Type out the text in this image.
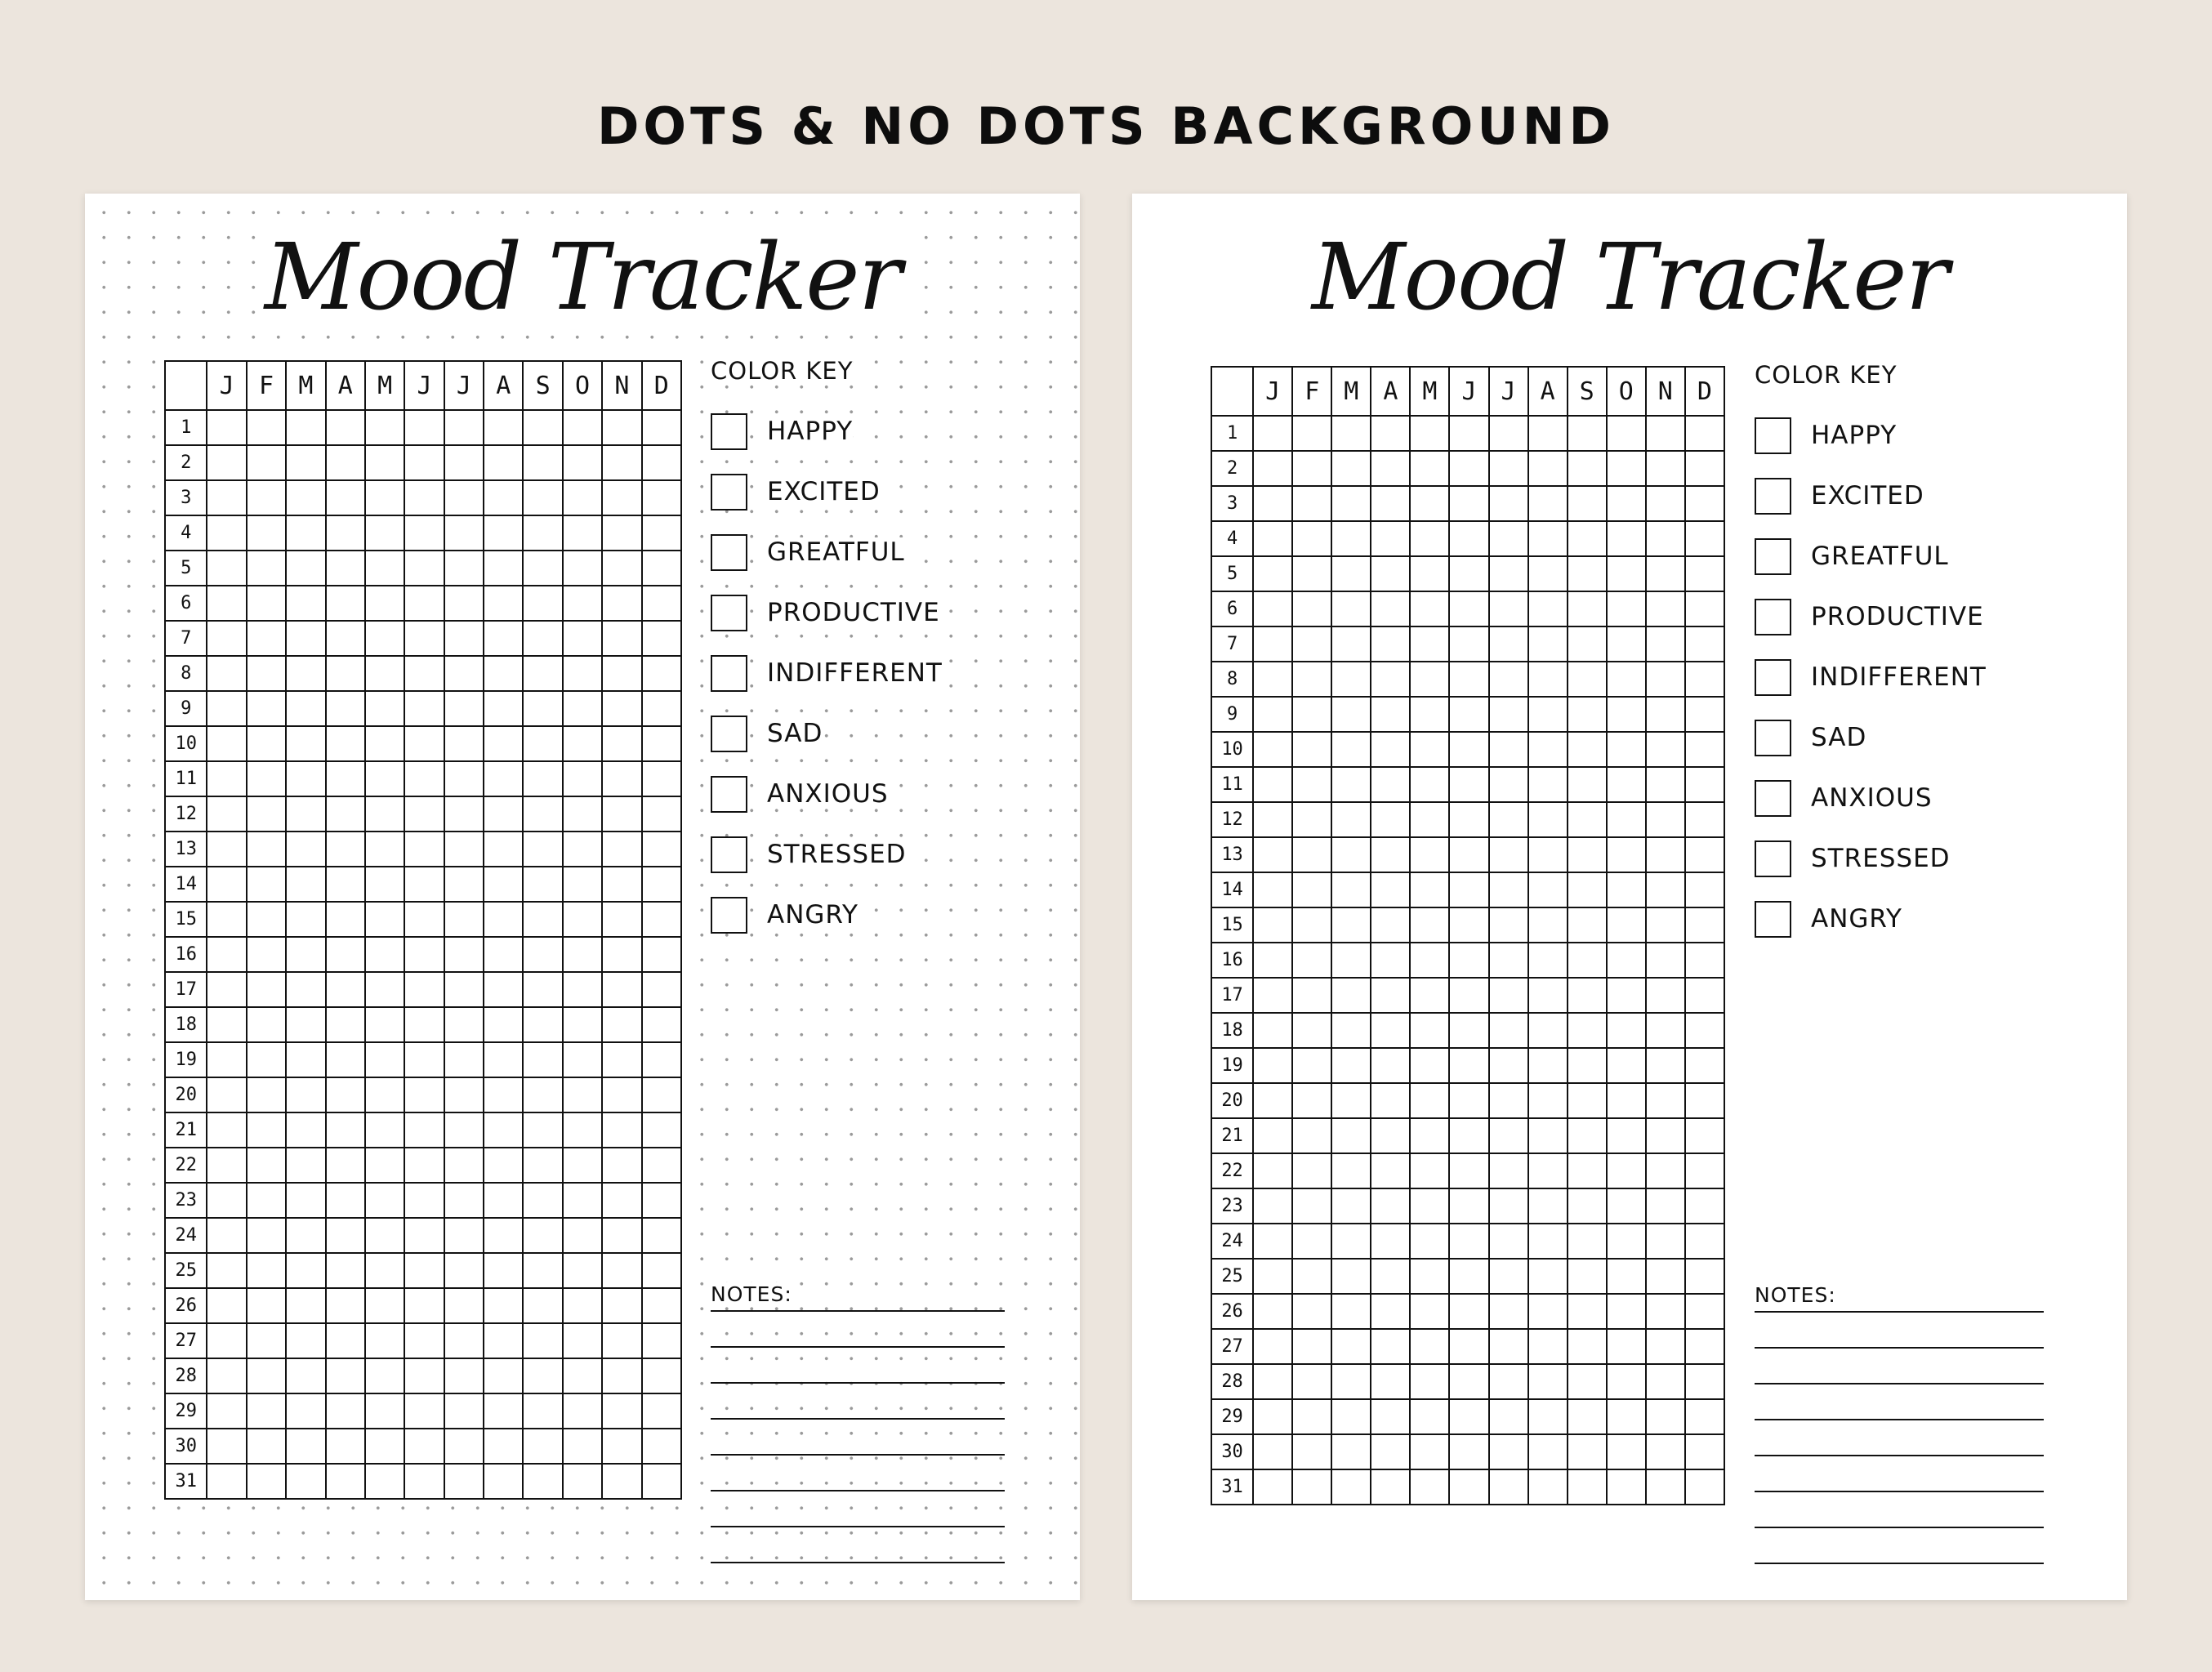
DOTS & NO DOTS BACKGROUND
Mood Tracker
	J	F	M	A	M	J	J	A	S	O	N	D
1												
2												
3												
4												
5												
6												
7												
8												
9												
10												
11												
12												
13												
14												
15												
16												
17												
18												
19												
20												
21												
22												
23												
24												
25												
26												
27												
28												
29												
30												
31												
COLOR KEY
HAPPY
EXCITED
GREATFUL
PRODUCTIVE
INDIFFERENT
SAD
ANXIOUS
STRESSED
ANGRY
NOTES:
Mood Tracker
	J	F	M	A	M	J	J	A	S	O	N	D
1												
2												
3												
4												
5												
6												
7												
8												
9												
10												
11												
12												
13												
14												
15												
16												
17												
18												
19												
20												
21												
22												
23												
24												
25												
26												
27												
28												
29												
30												
31												
COLOR KEY
HAPPY
EXCITED
GREATFUL
PRODUCTIVE
INDIFFERENT
SAD
ANXIOUS
STRESSED
ANGRY
NOTES:
